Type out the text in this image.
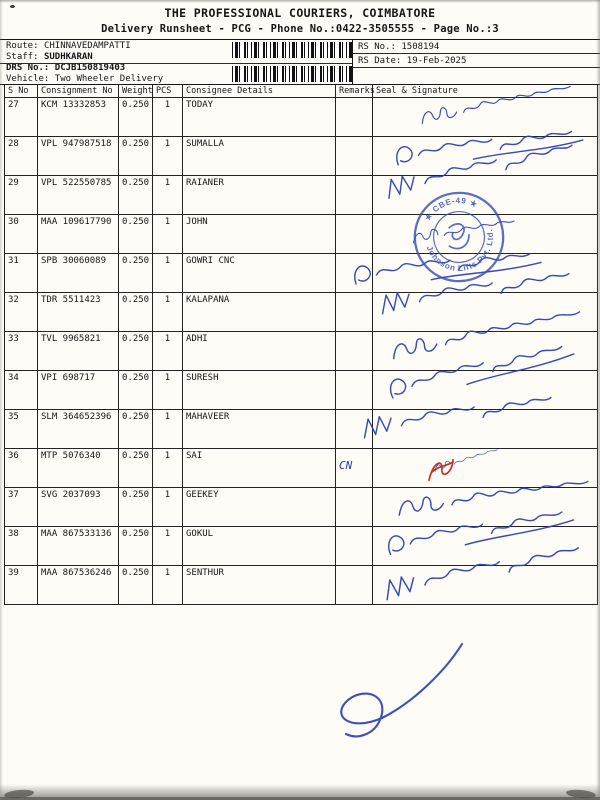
THE PROFESSIONAL COURIERS, COIMBATORE
Delivery Runsheet - PCG - Phone No.:0422-3505555 - Page No.:3
Route: CHINNAVEDAMPATTI
Staff: SUDHKARAN
DRS No.: DCJB150819403
Vehicle: Two Wheeler Delivery
RS No.: 1508194
RS Date: 19-Feb-2025
S No	Consignment No	Weight	PCS	Consignee Details	Remarks	Seal & Signature
27	KCM 13332853	0.250	1	TODAY		

28	VPL 947987518	0.250	1	SUMALLA		

29	VPL 522550785	0.250	1	RAIANER		

30	MAA 109617790	0.250	1	JOHN		

31	SPB 30060089	0.250	1	GOWRI CNC		

32	TDR 5511423	0.250	1	KALAPANA		

33	TVL 9965821	0.250	1	ADHI		

34	VPI 698717	0.250	1	SURESH		

35	SLM 364652396	0.250	1	MAHAVEER		

36	MTP 5076340	0.250	1	SAI	CN	

37	SVG 2037093	0.250	1	GEEKEY		

38	MAA 867533136	0.250	1	GOKUL		

39	MAA 867536246	0.250	1	SENTHUR		
★ CBE-49 ★
Johnson Lifts Pvt. Ltd.
